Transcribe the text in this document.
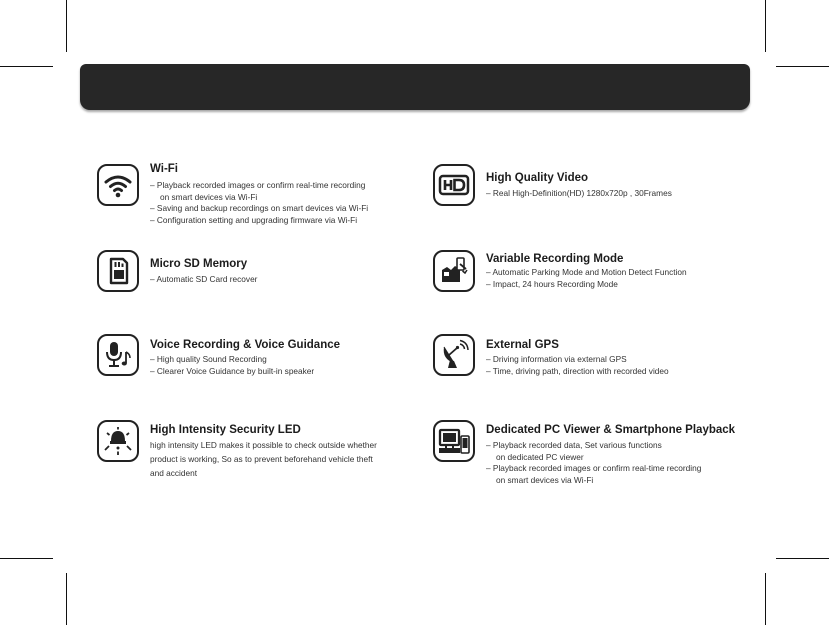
Wi-Fi
– Playback recorded images or confirm real-time recording
on smart devices via Wi-Fi
– Saving and backup recordings on smart devices via Wi-Fi
– Configuration setting and upgrading firmware via Wi-Fi
High Quality Video
– Real High-Definition(HD) 1280x720p , 30Frames
Micro SD Memory
– Automatic SD Card recover
Variable Recording Mode
– Automatic Parking Mode and Motion Detect Function
– Impact, 24 hours Recording Mode
Voice Recording & Voice Guidance
– High quality Sound Recording
– Clearer Voice Guidance by built-in speaker
External GPS
– Driving information via external GPS
– Time, driving path, direction with recorded video
High Intensity Security LED
high intensity LED makes it possible to check outside whether
product is working, So as to prevent beforehand vehicle theft
and accident
Dedicated PC Viewer & Smartphone Playback
– Playback recorded data, Set various functions
on dedicated PC viewer
– Playback recorded images or confirm real-time recording
on smart devices via Wi-Fi
